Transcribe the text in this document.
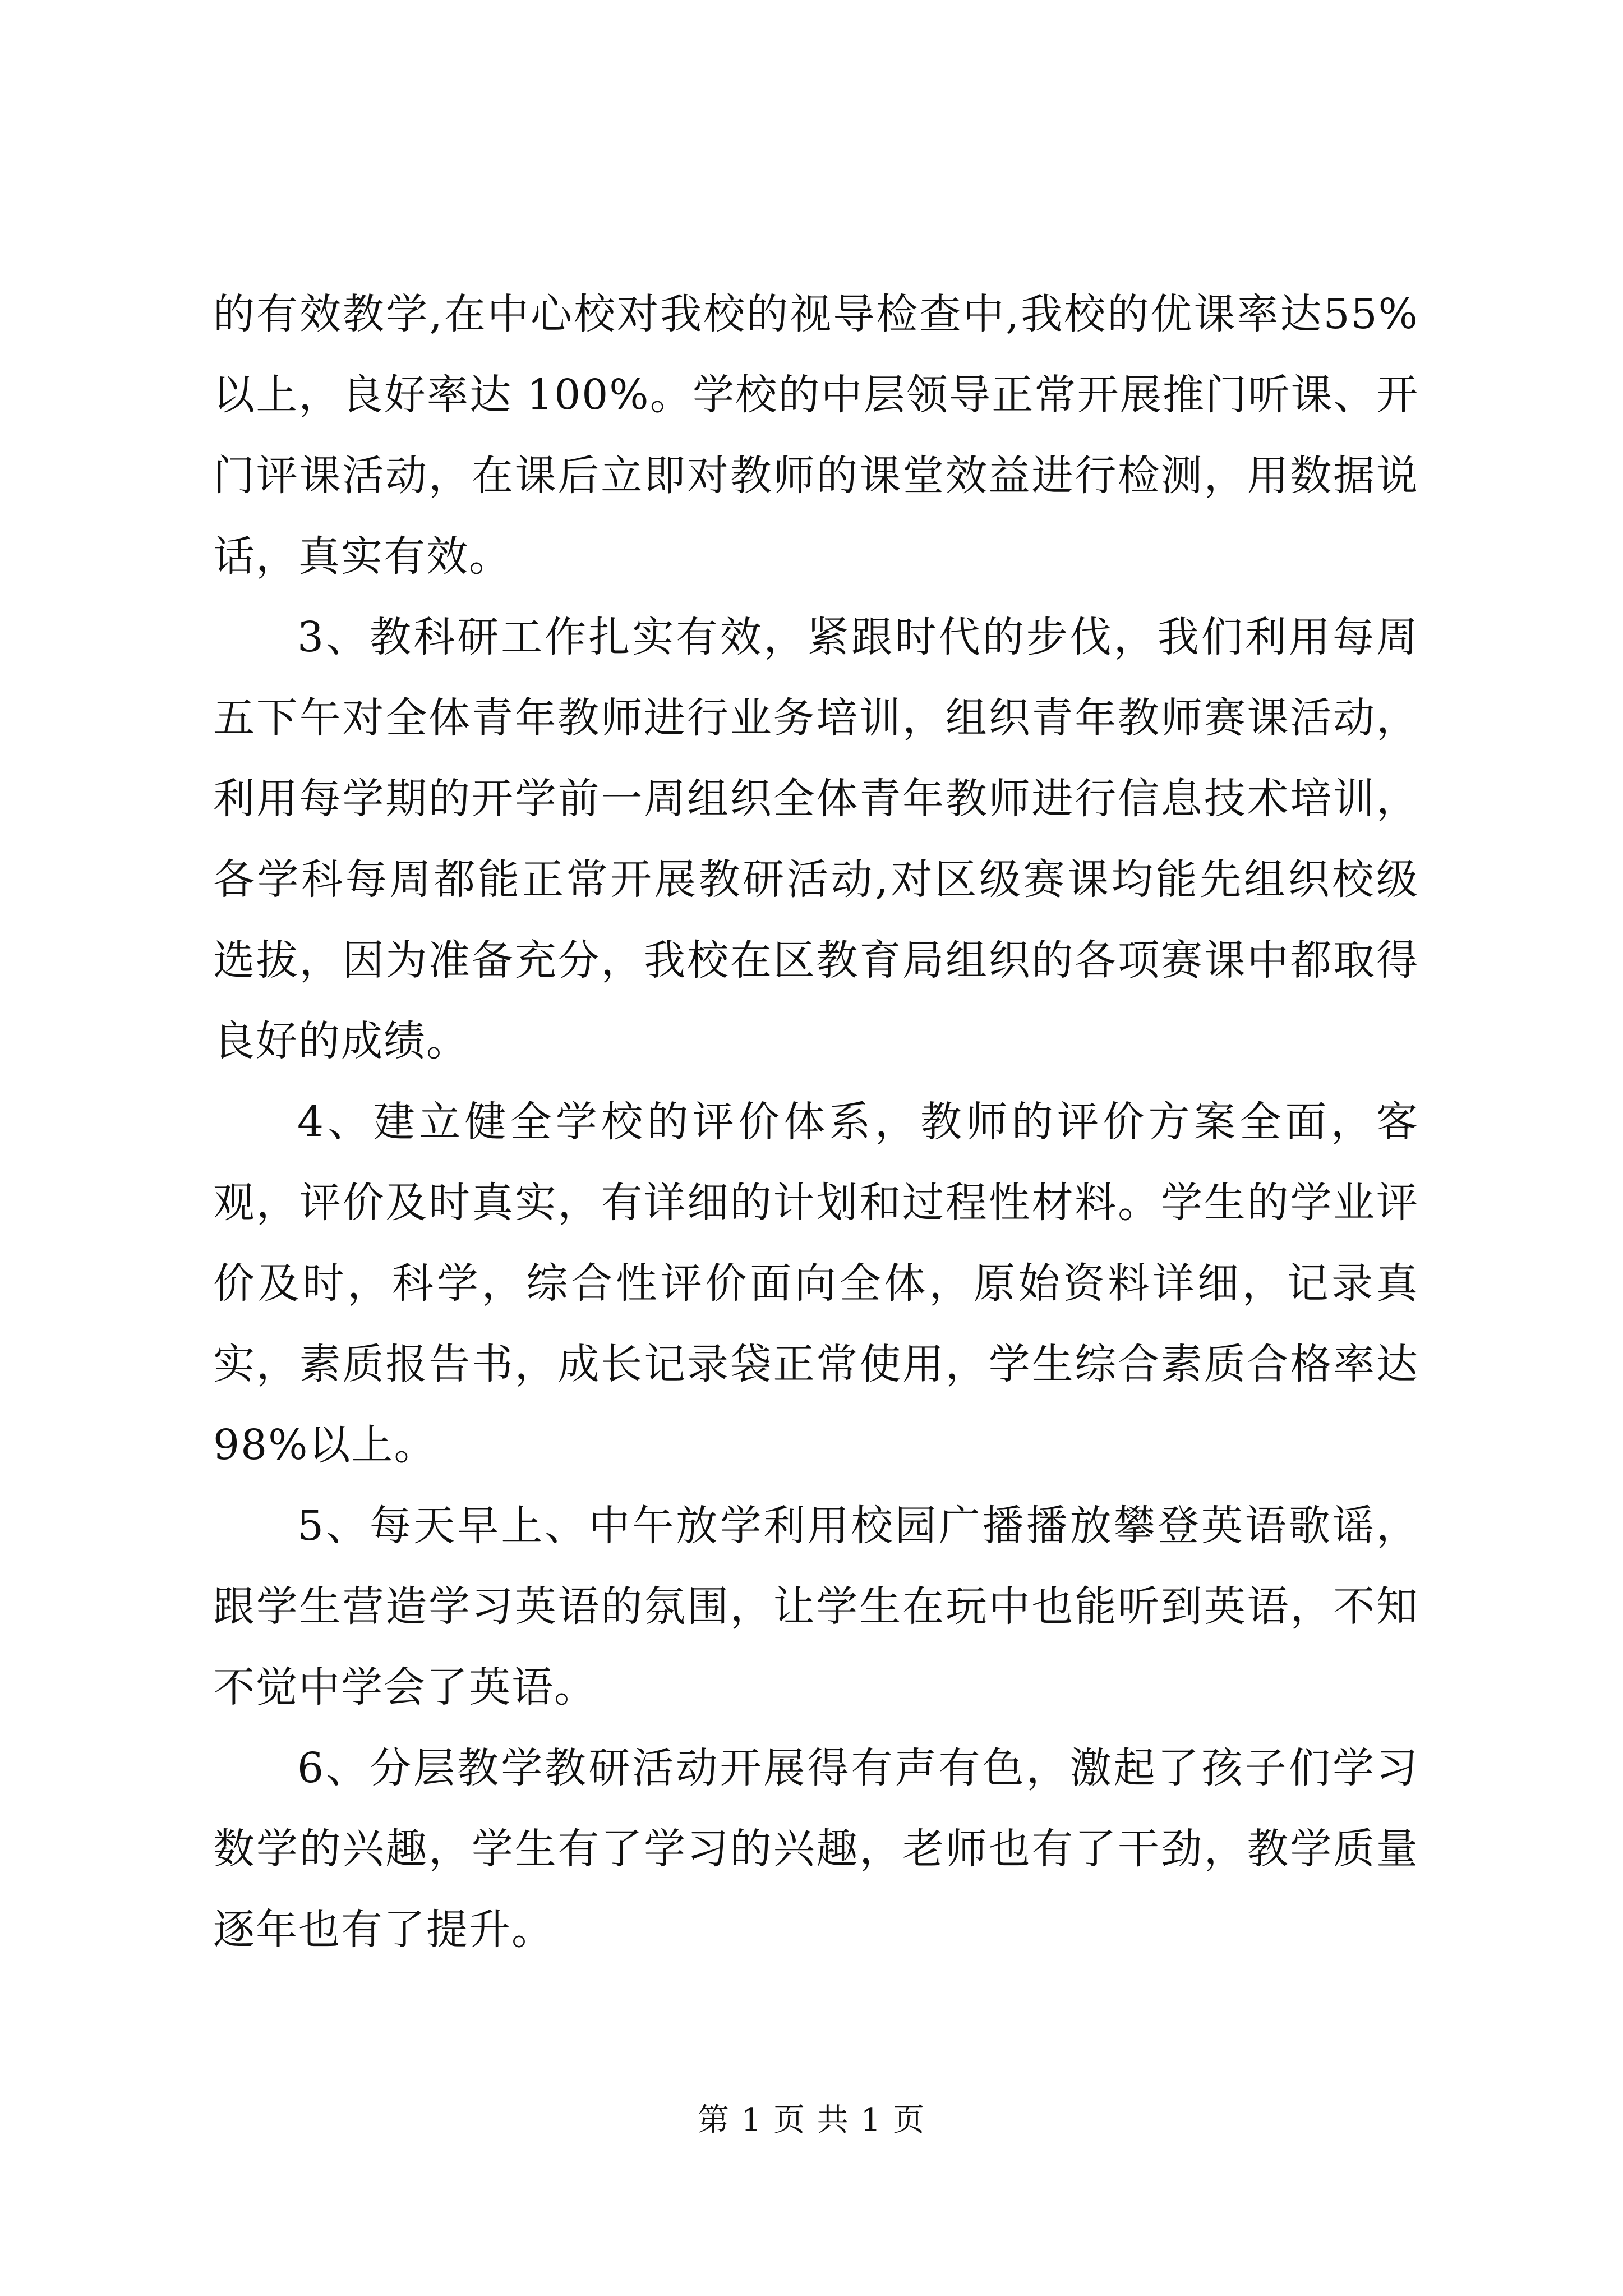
的有效教学,在中心校对我校的视导检查中,我校的优课率达55%以上，良好率达 100%。学校的中层领导正常开展推门听课、开门评课活动，在课后立即对教师的课堂效益进行检测，用数据说话，真实有效。

3、教科研工作扎实有效，紧跟时代的步伐，我们利用每周五下午对全体青年教师进行业务培训，组织青年教师赛课活动，利用每学期的开学前一周组织全体青年教师进行信息技术培训，各学科每周都能正常开展教研活动,对区级赛课均能先组织校级选拔，因为准备充分，我校在区教育局组织的各项赛课中都取得良好的成绩。

4、建立健全学校的评价体系，教师的评价方案全面，客观，评价及时真实，有详细的计划和过程性材料。学生的学业评价及时，科学，综合性评价面向全体，原始资料详细，记录真实，素质报告书，成长记录袋正常使用，学生综合素质合格率达 98%以上。

5、每天早上、中午放学利用校园广播播放攀登英语歌谣，跟学生营造学习英语的氛围，让学生在玩中也能听到英语，不知不觉中学会了英语。

6、分层教学教研活动开展得有声有色，激起了孩子们学习数学的兴趣，学生有了学习的兴趣，老师也有了干劲，教学质量逐年也有了提升。

第 1 页 共 1 页
